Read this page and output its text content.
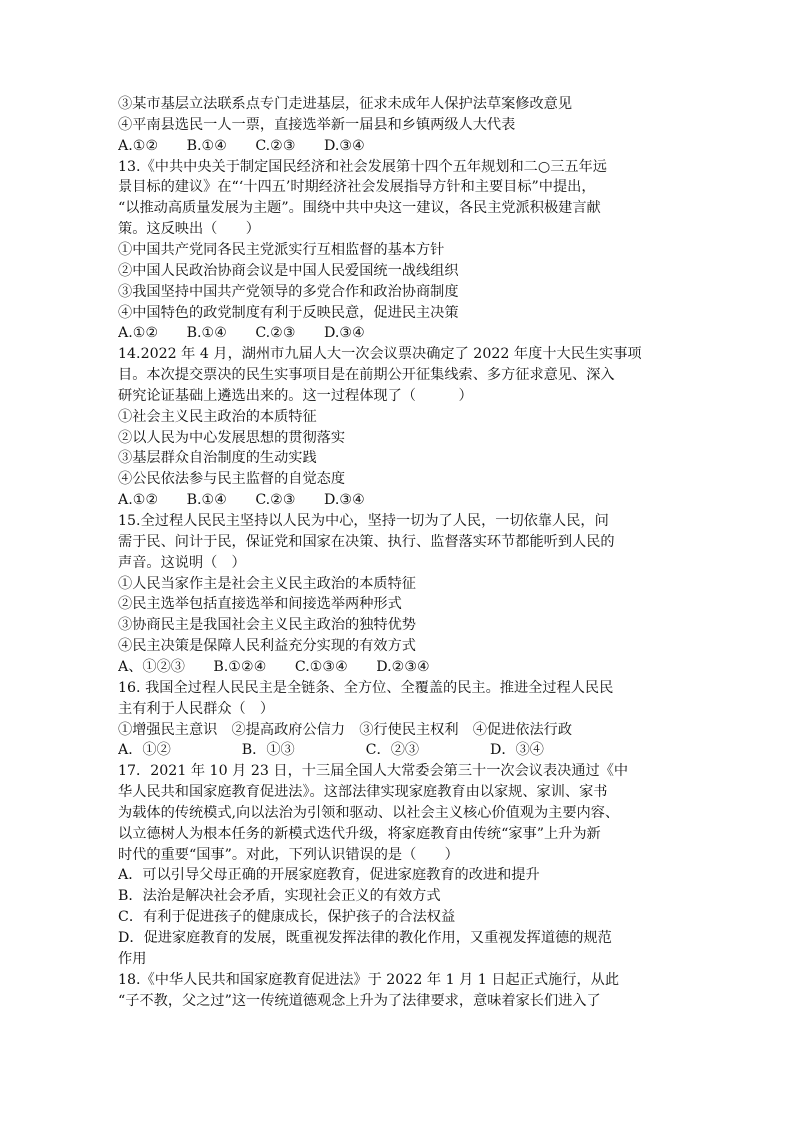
③某市基层立法联系点专门走进基层，征求未成年人保护法草案修改意见
④平南县选民一人一票，直接选举新一届县和乡镇两级人大代表
A.①②　　B.①④　　C.②③　　D.③④
13.《中共中央关于制定国民经济和社会发展第十四个五年规划和二○三五年远
景目标的建议》在“‘十四五’时期经济社会发展指导方针和主要目标”中提出，
“以推动高质量发展为主题”。围绕中共中央这一建议，各民主党派积极建言献
策。这反映出（　　）
①中国共产党同各民主党派实行互相监督的基本方针
②中国人民政治协商会议是中国人民爱国统一战线组织
③我国坚持中国共产党领导的多党合作和政治协商制度
④中国特色的政党制度有利于反映民意，促进民主决策
A.①②　　B.①④　　C.②③　　D.③④
14.2022 年 4 月，湖州市九届人大一次会议票决确定了 2022 年度十大民生实事项
目。本次提交票决的民生实事项目是在前期公开征集线索、多方征求意见、深入
研究论证基础上遴选出来的。这一过程体现了（　　　）
①社会主义民主政治的本质特征
②以人民为中心发展思想的贯彻落实
③基层群众自治制度的生动实践
④公民依法参与民主监督的自觉态度
A.①②　　B.①④　　C.②③　　D.③④
15.全过程人民民主坚持以人民为中心，坚持一切为了人民，一切依靠人民，问
需于民、问计于民，保证党和国家在决策、执行、监督落实环节都能听到人民的
声音。这说明（　）
①人民当家作主是社会主义民主政治的本质特征
②民主选举包括直接选举和间接选举两种形式
③协商民主是我国社会主义民主政治的独特优势
④民主决策是保障人民利益充分实现的有效方式
A、①②③　　B.①②④　　C.①③④　　D.②③④
16. 我国全过程人民民主是全链条、全方位、全覆盖的民主。推进全过程人民民
主有利于人民群众（　）
①增强民主意识　②提高政府公信力　③行使民主权利　④促进依法行政
A．①②　　　　　B．①③　　　　　C．②③　　　　　D．③④
17．2021 年 10 月 23 日，十三届全国人大常委会第三十一次会议表决通过《中
华人民共和国家庭教育促进法》。这部法律实现家庭教育由以家规、家训、家书
为载体的传统模式,向以法治为引领和驱动、以社会主义核心价值观为主要内容、
以立德树人为根本任务的新模式迭代升级，将家庭教育由传统“家事”上升为新
时代的重要“国事”。对此，下列认识错误的是（　　）
A．可以引导父母正确的开展家庭教育，促进家庭教育的改进和提升
B．法治是解决社会矛盾，实现社会正义的有效方式
C．有利于促进孩子的健康成长，保护孩子的合法权益
D．促进家庭教育的发展，既重视发挥法律的教化作用，又重视发挥道德的规范
作用
18.《中华人民共和国家庭教育促进法》于 2022 年 1 月 1 日起正式施行，从此
“子不教，父之过”这一传统道德观念上升为了法律要求，意味着家长们进入了
